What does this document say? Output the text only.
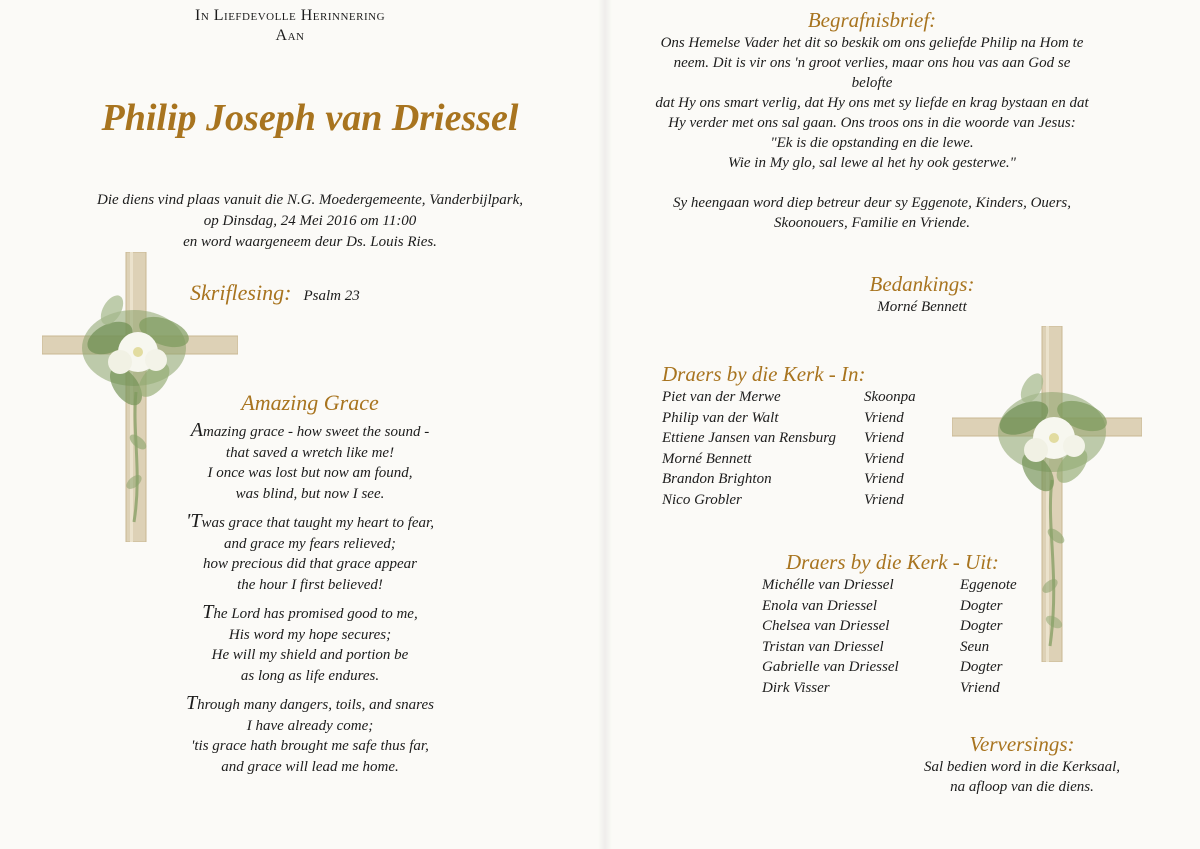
In Liefdevolle Herinnering
Aan
Philip Joseph van Driessel
Die diens vind plaas vanuit die N.G. Moedergemeente, Vanderbijlpark,
op Dinsdag, 24 Mei 2016 om 11:00
en word waargeneem deur Ds. Louis Ries.
Skriflesing: Psalm 23
Amazing Grace
Amazing grace - how sweet the sound -
that saved a wretch like me!
I once was lost but now am found,
was blind, but now I see.
'Twas grace that taught my heart to fear,
and grace my fears relieved;
how precious did that grace appear
the hour I first believed!
The Lord has promised good to me,
His word my hope secures;
He will my shield and portion be
as long as life endures.
Through many dangers, toils, and snares
I have already come;
'tis grace hath brought me safe thus far,
and grace will lead me home.
Begrafnisbrief:
Ons Hemelse Vader het dit so beskik om ons geliefde Philip na Hom te
neem. Dit is vir ons 'n groot verlies, maar ons hou vas aan God se belofte
dat Hy ons smart verlig, dat Hy ons met sy liefde en krag bystaan en dat
Hy verder met ons sal gaan. Ons troos ons in die woorde van Jesus:
"Ek is die opstanding en die lewe.
Wie in My glo, sal lewe al het hy ook gesterwe."
Sy heengaan word diep betreur deur sy Eggenote, Kinders, Ouers,
Skoonouers, Familie en Vriende.
Bedankings:
Morné Bennett
Draers by die Kerk - In:
Piet van der Merwe	Skoonpa
Philip van der Walt	Vriend
Ettiene Jansen van Rensburg	Vriend
Morné Bennett	Vriend
Brandon Brighton	Vriend
Nico Grobler	Vriend
Draers by die Kerk - Uit:
Michélle van Driessel	Eggenote
Enola van Driessel	Dogter
Chelsea van Driessel	Dogter
Tristan van Driessel	Seun
Gabrielle van Driessel	Dogter
Dirk Visser	Vriend
Verversings:
Sal bedien word in die Kerksaal,
na afloop van die diens.
